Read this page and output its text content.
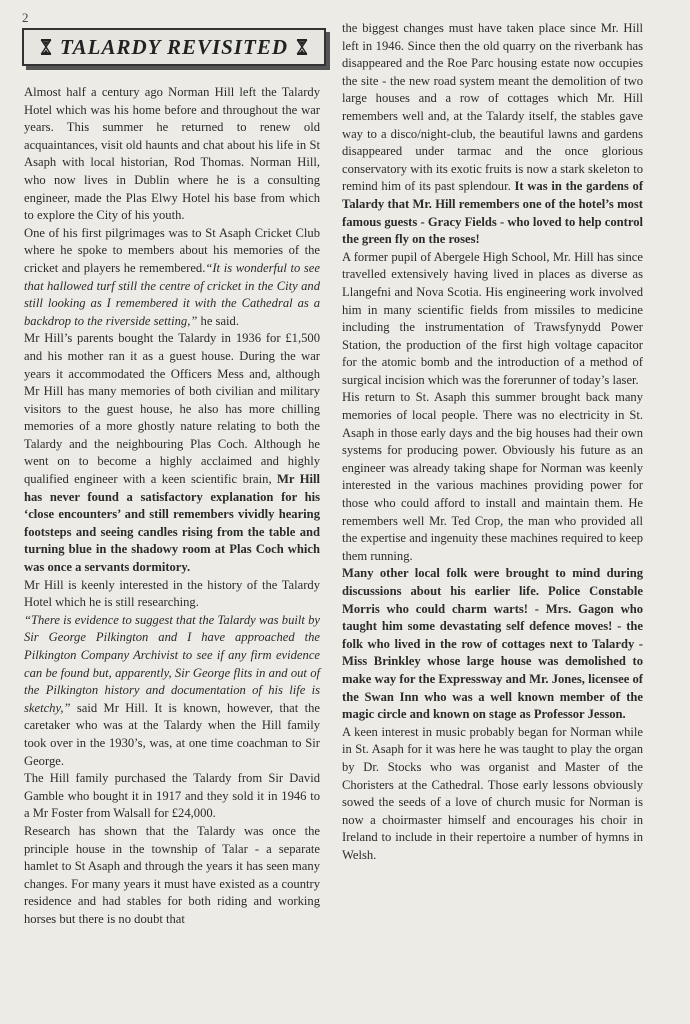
2
TALARDY REVISITED

Almost half a century ago Norman Hill left the Talardy Hotel which was his home before and throughout the war years. This summer he returned to renew old acquaintances, visit old haunts and chat about his life in St Asaph with local historian, Rod Thomas. Norman Hill, who now lives in Dublin where he is a consulting engineer, made the Plas Elwy Hotel his base from which to explore the City of his youth.

One of his first pilgrimages was to St Asaph Cricket Club where he spoke to members about his memories of the cricket and players he remembered.“It is wonderful to see that hallowed turf still the centre of cricket in the City and still looking as I remembered it with the Cathedral as a backdrop to the riverside setting,” he said.

Mr Hill’s parents bought the Talardy in 1936 for £1,500 and his mother ran it as a guest house. During the war years it accommodated the Officers Mess and, although Mr Hill has many memories of both civilian and military visitors to the guest house, he also has more chilling memories of a more ghostly nature relating to both the Talardy and the neighbouring Plas Coch. Although he went on to become a highly acclaimed and highly qualified engineer with a keen scientific brain, Mr Hill has never found a satisfactory explanation for his ‘close encounters’ and still remembers vividly hearing footsteps and seeing candles rising from the table and turning blue in the shadowy room at Plas Coch which was once a servants dormitory.

Mr Hill is keenly interested in the history of the Talardy Hotel which he is still researching.

“There is evidence to suggest that the Talardy was built by Sir George Pilkington and I have approached the Pilkington Company Archivist to see if any firm evidence can be found but, apparently, Sir George flits in and out of the Pilkington history and documentation of his life is sketchy,” said Mr Hill. It is known, however, that the caretaker who was at the Talardy when the Hill family took over in the 1930’s, was, at one time coachman to Sir George.

The Hill family purchased the Talardy from Sir David Gamble who bought it in 1917 and they sold it in 1946 to a Mr Foster from Walsall for £24,000.

Research has shown that the Talardy was once the principle house in the township of Talar - a separate hamlet to St Asaph and through the years it has seen many changes. For many years it must have existed as a country residence and had stables for both riding and working horses but there is no doubt that

the biggest changes must have taken place since Mr. Hill left in 1946. Since then the old quarry on the riverbank has disappeared and the Roe Parc housing estate now occupies the site - the new road system meant the demolition of two large houses and a row of cottages which Mr. Hill remembers well and, at the Talardy itself, the stables gave way to a disco/night-club, the beautiful lawns and gardens disappeared under tarmac and the once glorious conservatory with its exotic fruits is now a stark skeleton to remind him of its past splendour. It was in the gardens of Talardy that Mr. Hill remembers one of the hotel’s most famous guests - Gracy Fields - who loved to help control the green fly on the roses!

A former pupil of Abergele High School, Mr. Hill has since travelled extensively having lived in places as diverse as Llangefni and Nova Scotia. His engineering work involved him in many scientific fields from missiles to medicine including the instrumentation of Trawsfynydd Power Station, the production of the first high voltage capacitor for the atomic bomb and the introduction of a method of surgical incision which was the forerunner of today’s laser.

His return to St. Asaph this summer brought back many memories of local people. There was no electricity in St. Asaph in those early days and the big houses had their own systems for producing power. Obviously his future as an engineer was already taking shape for Norman was keenly interested in the various machines providing power for those who could afford to install and maintain them. He remembers well Mr. Ted Crop, the man who provided all the expertise and ingenuity these machines required to keep them running.

Many other local folk were brought to mind during discussions about his earlier life. Police Constable Morris who could charm warts! - Mrs. Gagon who taught him some devastating self defence moves! - the folk who lived in the row of cottages next to Talardy - Miss Brinkley whose large house was demolished to make way for the Expressway and Mr. Jones, licensee of the Swan Inn who was a well known member of the magic circle and known on stage as Professor Jesson.

A keen interest in music probably began for Norman while in St. Asaph for it was here he was taught to play the organ by Dr. Stocks who was organist and Master of the Choristers at the Cathedral. Those early lessons obviously sowed the seeds of a love of church music for Norman is now a choirmaster himself and encourages his choir in Ireland to include in their repertoire a number of hymns in Welsh.
